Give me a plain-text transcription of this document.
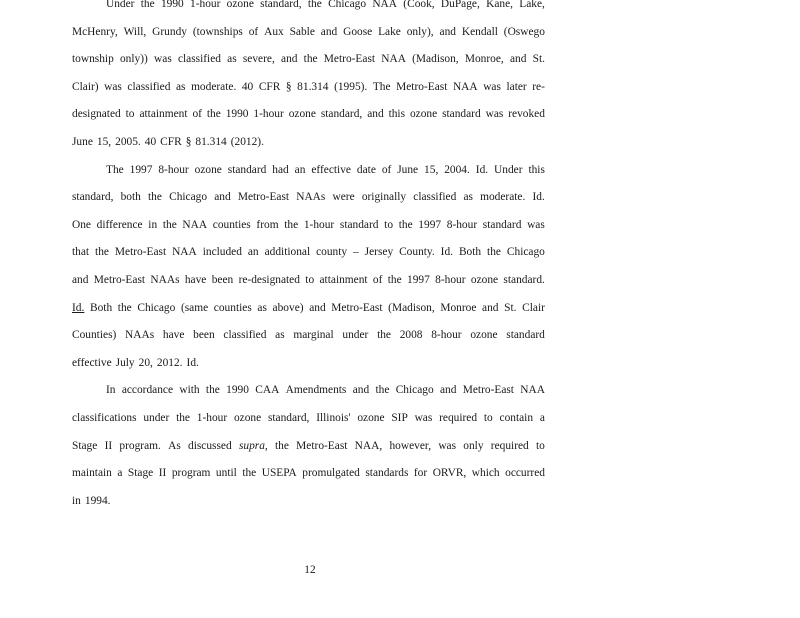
Under the 1990 1-hour ozone standard, the Chicago NAA (Cook, DuPage, Kane, Lake,
McHenry, Will, Grundy (townships of Aux Sable and Goose Lake only), and Kendall (Oswego
township only)) was classified as severe, and the Metro-East NAA (Madison, Monroe, and St.
Clair) was classified as moderate. 40 CFR § 81.314 (1995). The Metro-East NAA was later re-
designated to attainment of the 1990 1-hour ozone standard, and this ozone standard was revoked
June 15, 2005. 40 CFR § 81.314 (2012).
The 1997 8-hour ozone standard had an effective date of June 15, 2004. Id. Under this
standard, both the Chicago and Metro-East NAAs were originally classified as moderate. Id.
One difference in the NAA counties from the 1-hour standard to the 1997 8-hour standard was
that the Metro-East NAA included an additional county – Jersey County. Id. Both the Chicago
and Metro-East NAAs have been re-designated to attainment of the 1997 8-hour ozone standard.
Id. Both the Chicago (same counties as above) and Metro-East (Madison, Monroe and St. Clair
Counties) NAAs have been classified as marginal under the 2008 8-hour ozone standard
effective July 20, 2012. Id.
In accordance with the 1990 CAA Amendments and the Chicago and Metro-East NAA
classifications under the 1-hour ozone standard, Illinois' ozone SIP was required to contain a
Stage II program. As discussed supra, the Metro-East NAA, however, was only required to
maintain a Stage II program until the USEPA promulgated standards for ORVR, which occurred
in 1994.
12
